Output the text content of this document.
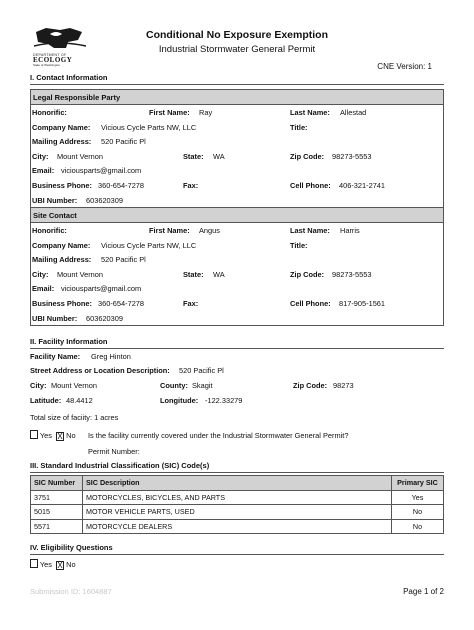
DEPARTMENT OF
ECOLOGY
State of Washington
Conditional No Exposure Exemption
Industrial Stormwater General Permit
CNE Version: 1
I. Contact Information
Legal Responsible Party
Honorific:	First Name: Ray	Last Name: Allestad
Company Name: Vicious Cycle Parts NW, LLC	Title:
Mailing Address: 520 Pacific Pl
City: Mount Vernon	State: WA	Zip Code: 98273-5553
Email: viciousparts@gmail.com
Business Phone: 360-654-7278	Fax:	Cell Phone: 406-321-2741
UBI Number: 603620309
Site Contact
Honorific:	First Name: Angus	Last Name: Harris
Company Name: Vicious Cycle Parts NW, LLC	Title:
Mailing Address: 520 Pacific Pl
City: Mount Vernon	State: WA	Zip Code: 98273-5553
Email: viciousparts@gmail.com
Business Phone: 360-654-7278	Fax:	Cell Phone: 817-905-1561
UBI Number: 603620309
II. Facility Information
Facility Name: Greg Hinton
Street Address or Location Description: 520 Pacific Pl
City: Mount Vernon	County: Skagit	Zip Code: 98273
Latitude: 48.4412	Longitude: -122.33279
Total size of faciity: 1 acres
Yes X No Is the facility currently covered under the Industrial Stormwater General Permit?
Permit Number:
III. Standard Industrial Classification (SIC) Code(s)
SIC Number	SIC Description	Primary SIC
3751	MOTORCYCLES, BICYCLES, AND PARTS	Yes
5015	MOTOR VEHICLE PARTS, USED	No
5571	MOTORCYCLE DEALERS	No
IV. Eligibility Questions
Yes X No
Submission ID: 1604887	Page 1 of 2
